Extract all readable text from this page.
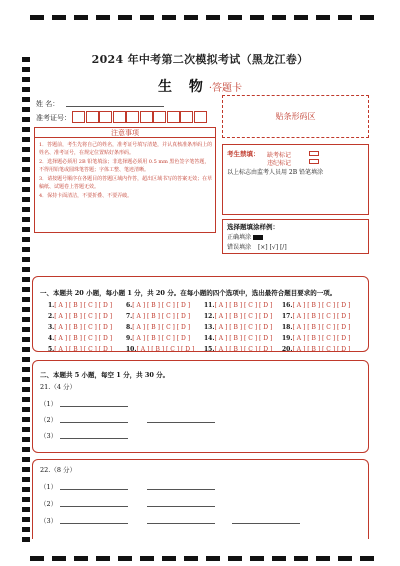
2024 年中考第二次模拟考试（黑龙江卷）
生 物·答题卡
姓 名：
准考证号：	贴条形码区
注意事项

1．答题前，考生先将自己的姓名，准考证号填写清楚，并认真核准条形码上的姓名、准考证号，在规定位置贴好条形码。

2．选择题必须用 2B 铅笔填涂；非选择题必须用 0.5 mm 黑色签字笔答题，不得用铅笔或圆珠笔答题；字体工整、笔迹清晰。

3．请按题号顺序在各题目的答题区域内作答，超出区域书写的答案无效；在草稿纸、试题卷上答题无效。

4．保持卡面清洁，不要折叠、不要弄破。

考生禁填： 缺考标记
违纪标记
以上标志由监考人员用 2B 铅笔填涂
选择题填涂样例：
正确填涂
错误填涂 [×] [√] [/]
一、本题共 20 小题，每小题 1 分，共 20 分。在每小题的四个选项中，选出最符合题目要求的一项。
1.[ A ] [ B ] [ C ] [ D ]	6.[ A ] [ B ] [ C ] [ D ]	11.[ A ] [ B ] [ C ] [ D ]	16.[ A ] [ B ] [ C ] [ D ]
2.[ A ] [ B ] [ C ] [ D ]	7.[ A ] [ B ] [ C ] [ D ]	12.[ A ] [ B ] [ C ] [ D ]	17.[ A ] [ B ] [ C ] [ D ]
3.[ A ] [ B ] [ C ] [ D ]	8.[ A ] [ B ] [ C ] [ D ]	13.[ A ] [ B ] [ C ] [ D ]	18.[ A ] [ B ] [ C ] [ D ]
4.[ A ] [ B ] [ C ] [ D ]	9.[ A ] [ B ] [ C ] [ D ]	14.[ A ] [ B ] [ C ] [ D ]	19.[ A ] [ B ] [ C ] [ D ]
5.[ A ] [ B ] [ C ] [ D ]	10.[ A ] [ B ] [ C ] [ D ]	15.[ A ] [ B ] [ C ] [ D ]	20.[ A ] [ B ] [ C ] [ D ]
二、本题共 5 小题，每空 1 分，共 30 分。
21.（4 分）
（1）
（2）
（3）
22.（8 分）
（1）
（2）
（3）
